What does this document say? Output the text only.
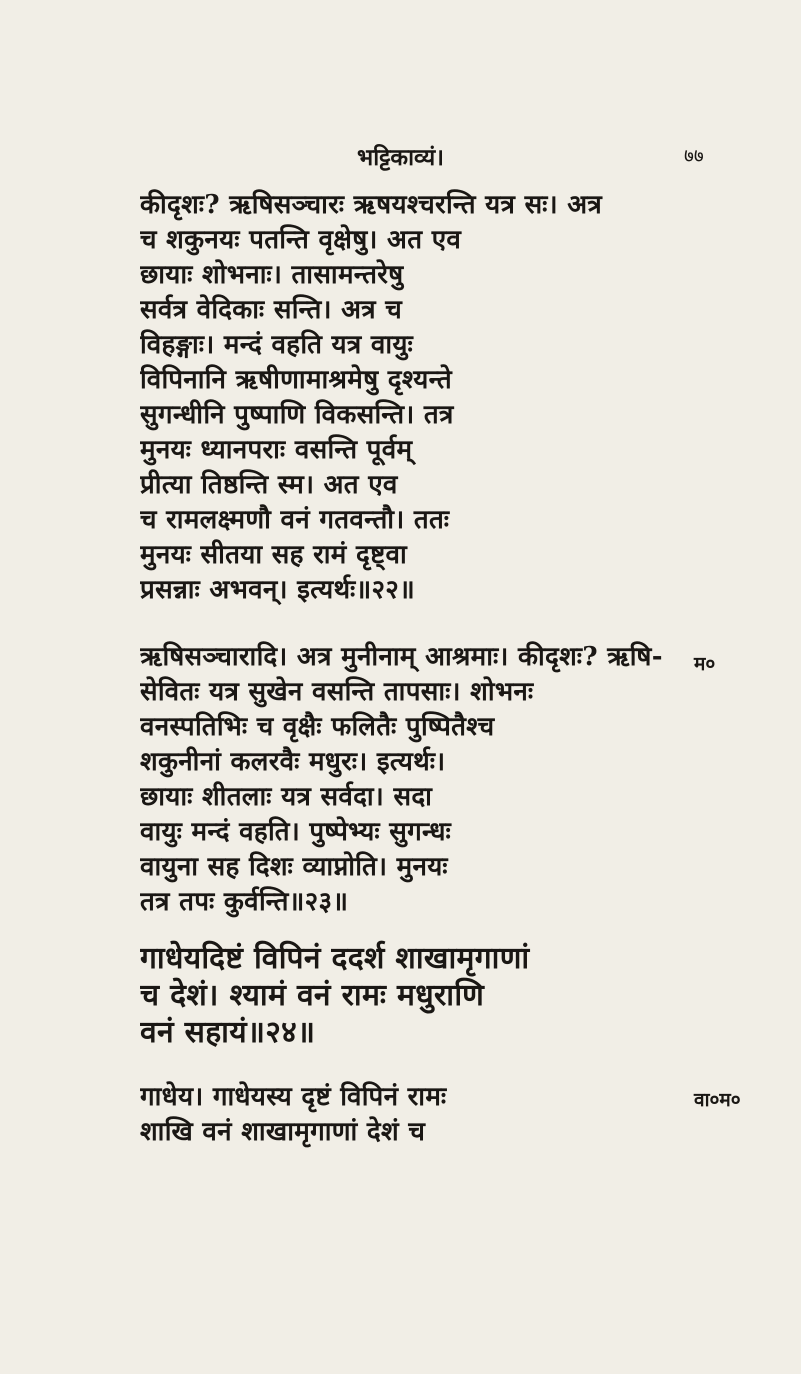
भट्टिकाव्यं।	७७
कीदृशः? ऋषिसञ्चारः ऋषयश्चरन्ति यत्र सः। अत्र
च शकुनयः पतन्ति वृक्षेषु। अत एव
छायाः शोभनाः। तासामन्तरेषु
सर्वत्र वेदिकाः सन्ति। अत्र च
विहङ्गाः। मन्दं वहति यत्र वायुः
विपिनानि ऋषीणामाश्रमेषु दृश्यन्ते
सुगन्धीनि पुष्पाणि विकसन्ति। तत्र
मुनयः ध्यानपराः वसन्ति पूर्वम्
प्रीत्या तिष्ठन्ति स्म। अत एव
च रामलक्ष्मणौ वनं गतवन्तौ। ततः
मुनयः सीतया सह रामं दृष्ट्वा
प्रसन्नाः अभवन्। इत्यर्थः॥२२॥
ऋषिसञ्चारादि। अत्र मुनीनाम् आश्रमाः। कीदृशः? ऋषि-
सेवितः यत्र सुखेन वसन्ति तापसाः। शोभनः
वनस्पतिभिः च वृक्षैः फलितैः पुष्पितैश्च
शकुनीनां कलरवैः मधुरः। इत्यर्थः।
छायाः शीतलाः यत्र सर्वदा। सदा
वायुः मन्दं वहति। पुष्पेभ्यः सुगन्धः
वायुना सह दिशः व्याप्नोति। मुनयः
तत्र तपः कुर्वन्ति॥२३॥
गाधेयदिष्टं विपिनं ददर्श शाखामृगाणां
च देशं। श्यामं वनं रामः मधुराणि
वनं सहायं॥२४॥
गाधेय। गाधेयस्य दृष्टं विपिनं रामः
शाखि वनं शाखामृगाणां देशं च
म०
वा०म०
